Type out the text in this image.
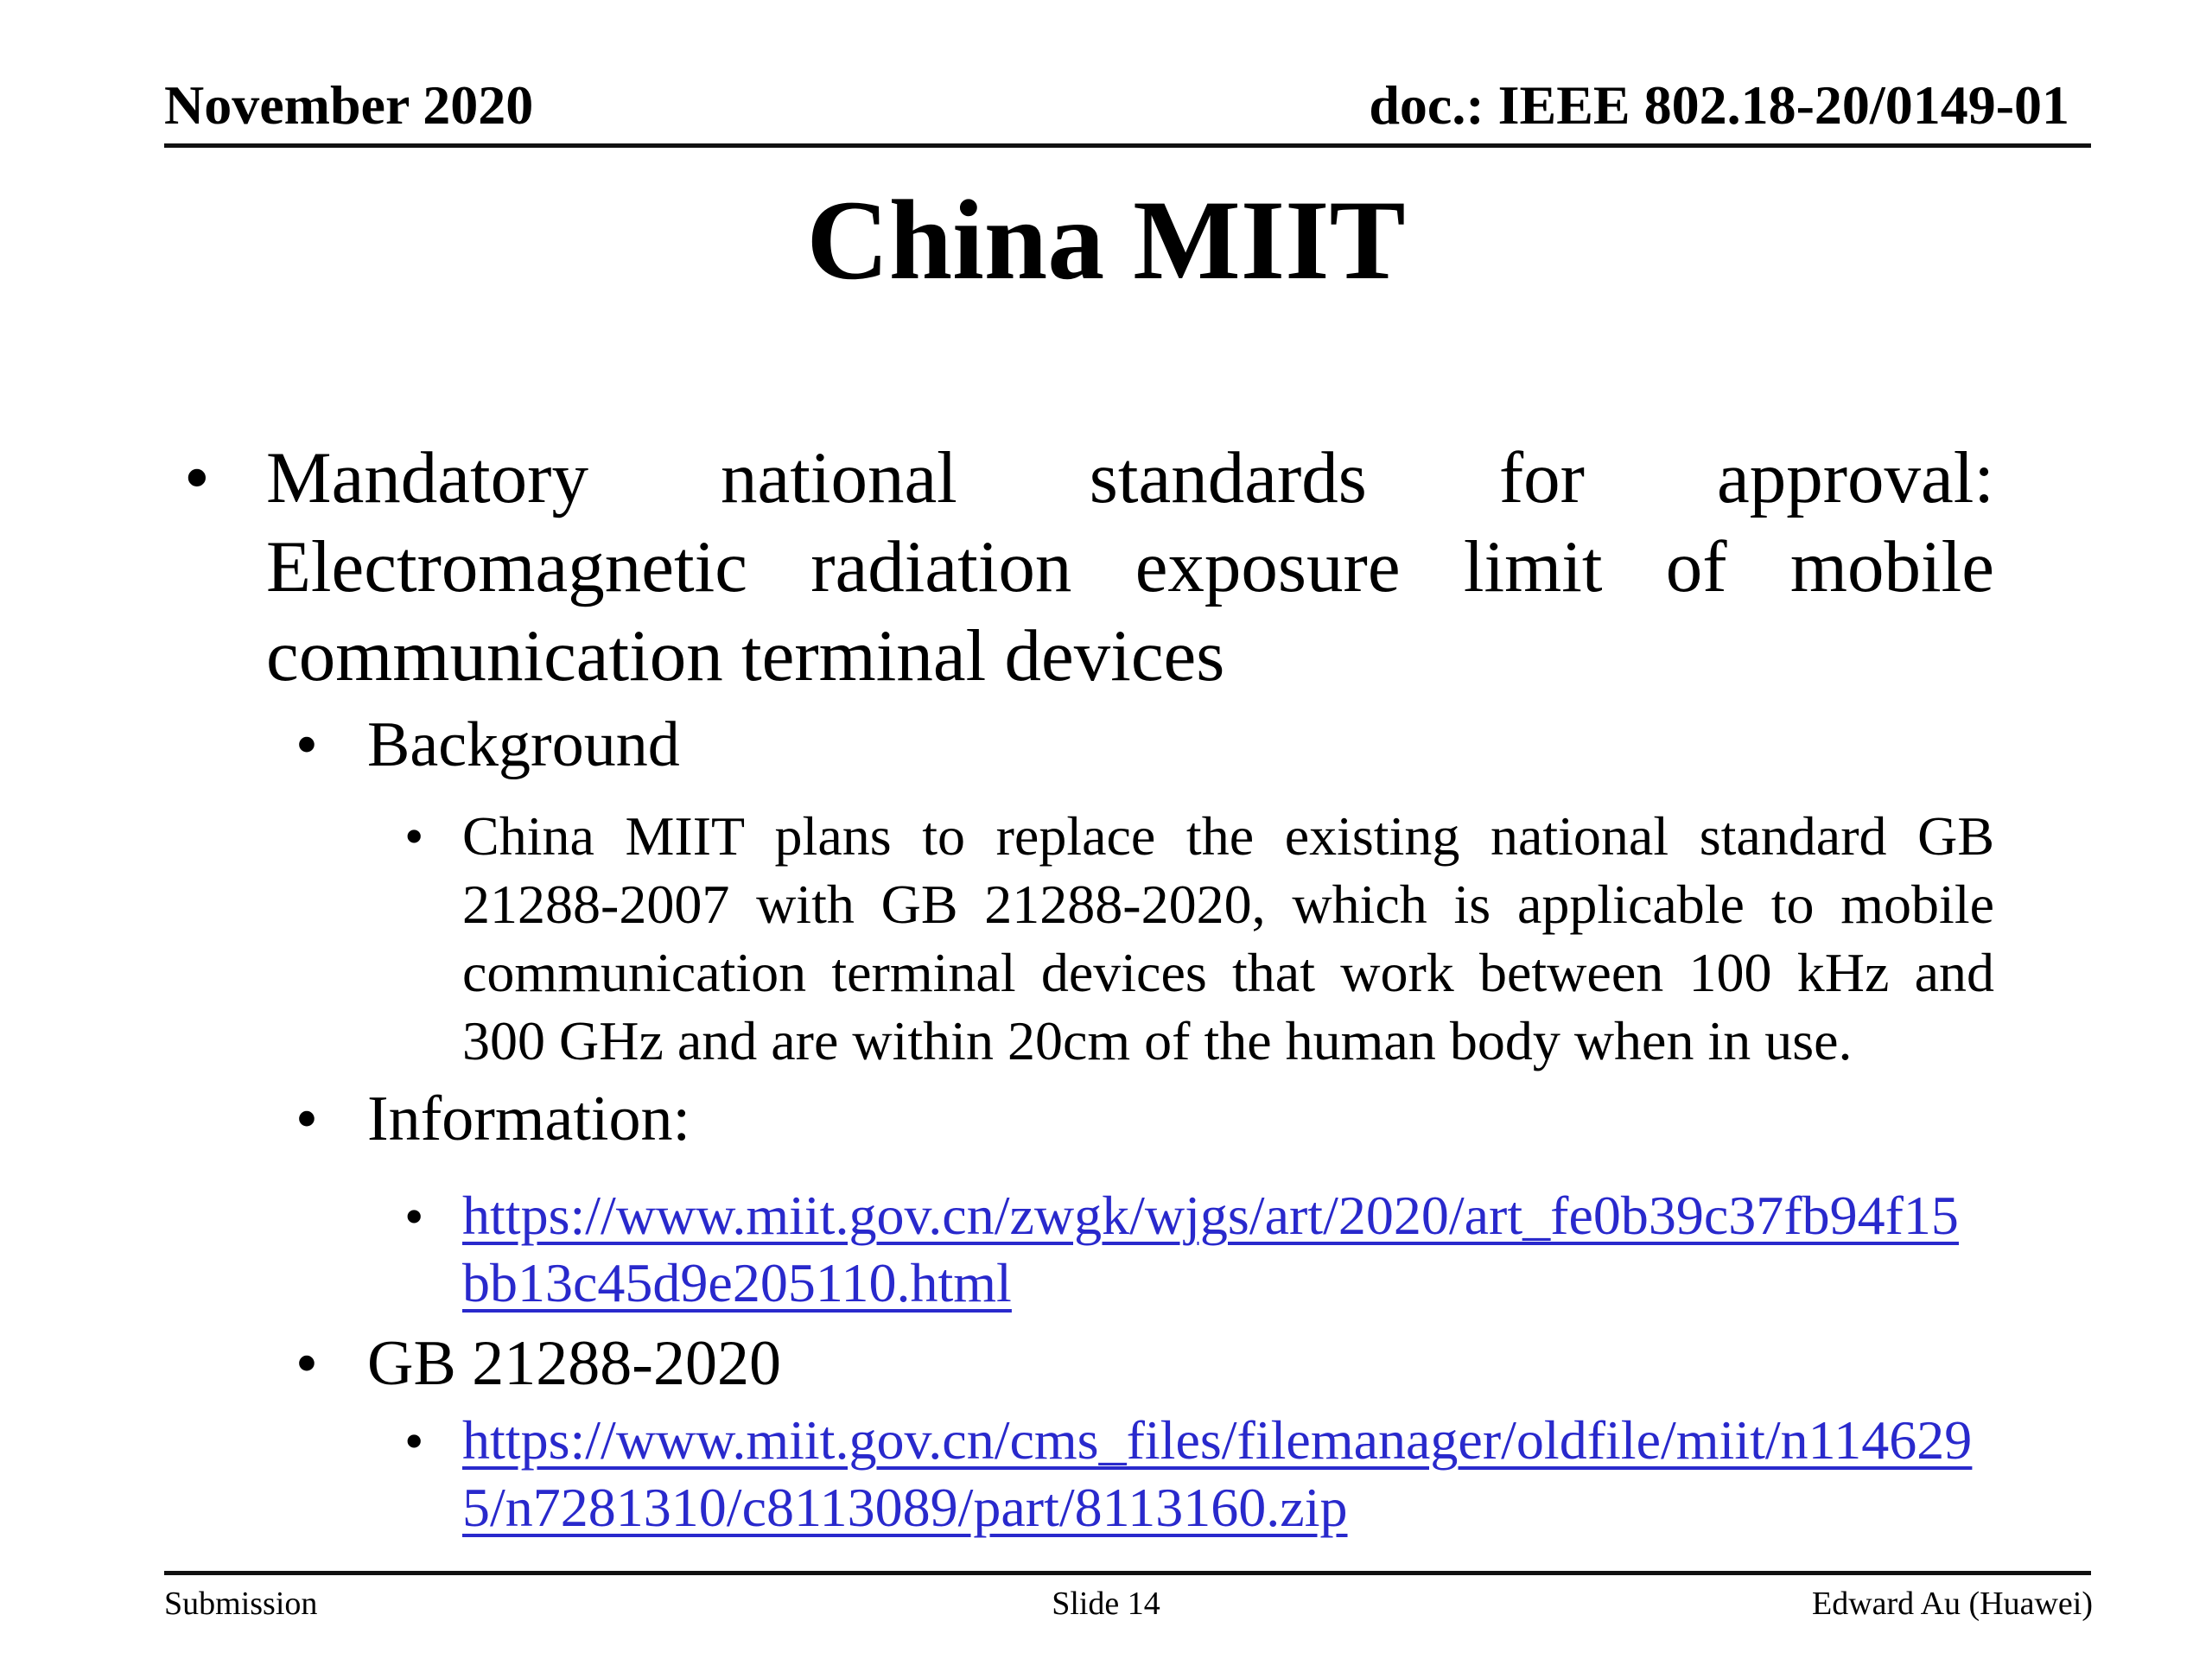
November 2020	doc.: IEEE 802.18-20/0149-01
China MIIT
• Mandatory national standards for approval:
Electromagnetic radiation exposure limit of mobile
communication terminal devices
• Background
• China MIIT plans to replace the existing national standard GB
21288-2007 with GB 21288-2020, which is applicable to mobile
communication terminal devices that work between 100 kHz and
300 GHz and are within 20cm of the human body when in use.
• Information:
• https://www.miit.gov.cn/zwgk/wjgs/art/2020/art_fe0b39c37fb94f15
bb13c45d9e205110.html
• GB 21288-2020
• https://www.miit.gov.cn/cms_files/filemanager/oldfile/miit/n114629
5/n7281310/c8113089/part/8113160.zip
Submission	Slide 14	Edward Au (Huawei)
